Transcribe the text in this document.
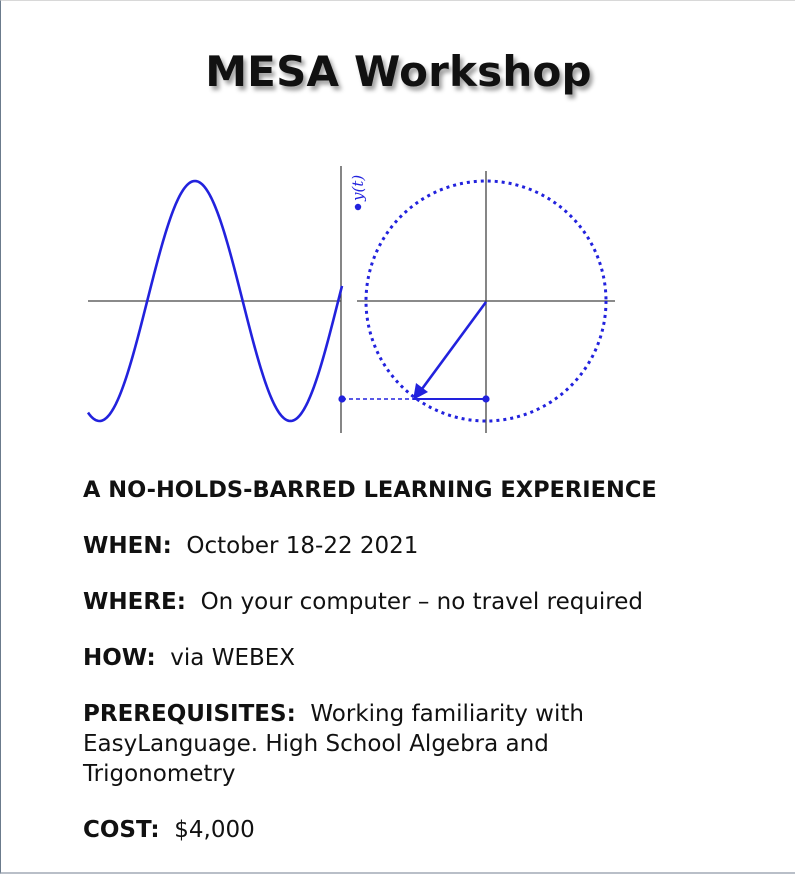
MESA Workshop
y(t)

A NO-HOLDS-BARRED LEARNING EXPERIENCE

WHEN: October 18-22 2021

WHERE: On your computer – no travel required

HOW: via WEBEX

PREREQUISITES: Working familiarity with

EasyLanguage. High School Algebra and

Trigonometry

COST: $4,000
